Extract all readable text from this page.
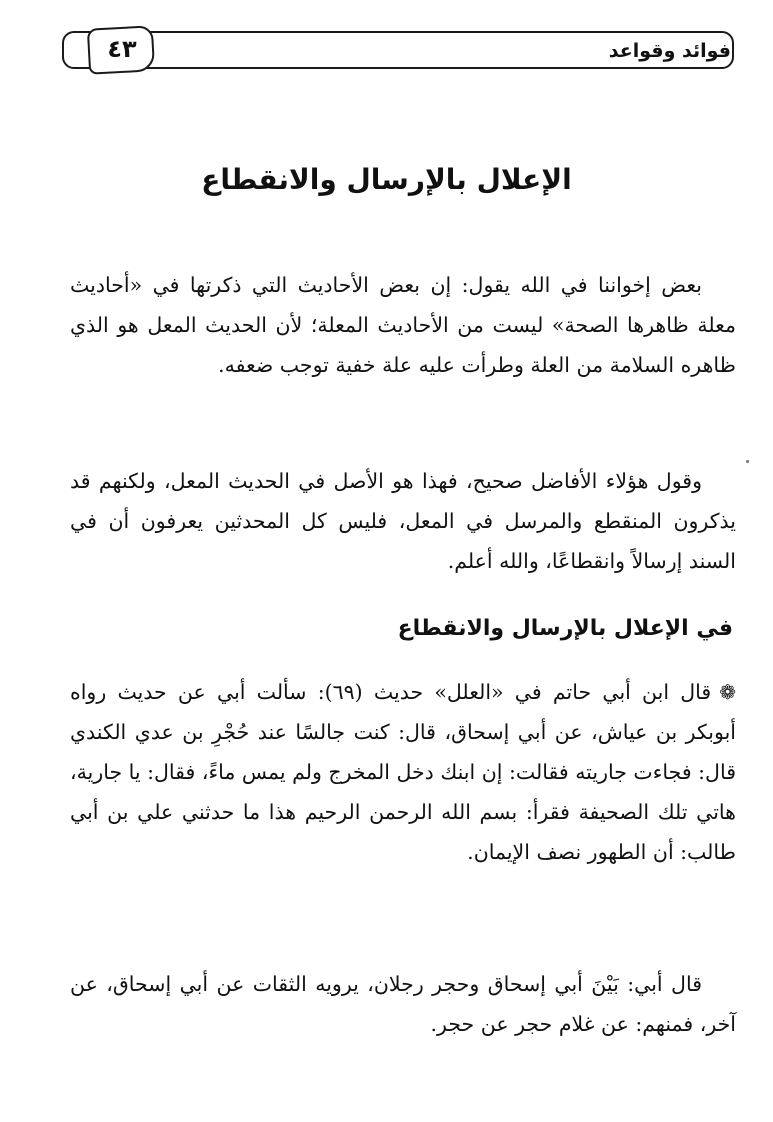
فوائد وقواعد
٤٣
الإعلال بالإرسال والانقطاع

بعض إخواننا في الله يقول: إن بعض الأحاديث التي ذكرتها في «أحاديث معلة ظاهرها الصحة» ليست من الأحاديث المعلة؛ لأن الحديث المعل هو الذي ظاهره السلامة من العلة وطرأت عليه علة خفية توجب ضعفه.

وقول هؤلاء الأفاضل صحيح، فهذا هو الأصل في الحديث المعل، ولكنهم قد يذكرون المنقطع والمرسل في المعل، فليس كل المحدثين يعرفون أن في السند إرسالاً وانقطاعًا، والله أعلم.

في الإعلال بالإرسال والانقطاع

❁قال ابن أبي حاتم في «العلل» حديث (٦٩): سألت أبي عن حديث رواه أبوبكر بن عياش، عن أبي إسحاق، قال: كنت جالسًا عند حُجْرِ بن عدي الكندي قال: فجاءت جاريته فقالت: إن ابنك دخل المخرج ولم يمس ماءً، فقال: يا جارية، هاتي تلك الصحيفة فقرأ: بسم الله الرحمن الرحيم هذا ما حدثني علي بن أبي طالب: أن الطهور نصف الإيمان.

قال أبي: بَيْنَ أبي إسحاق وحجر رجلان، يرويه الثقات عن أبي إسحاق، عن آخر، فمنهم: عن غلام حجر عن حجر.
